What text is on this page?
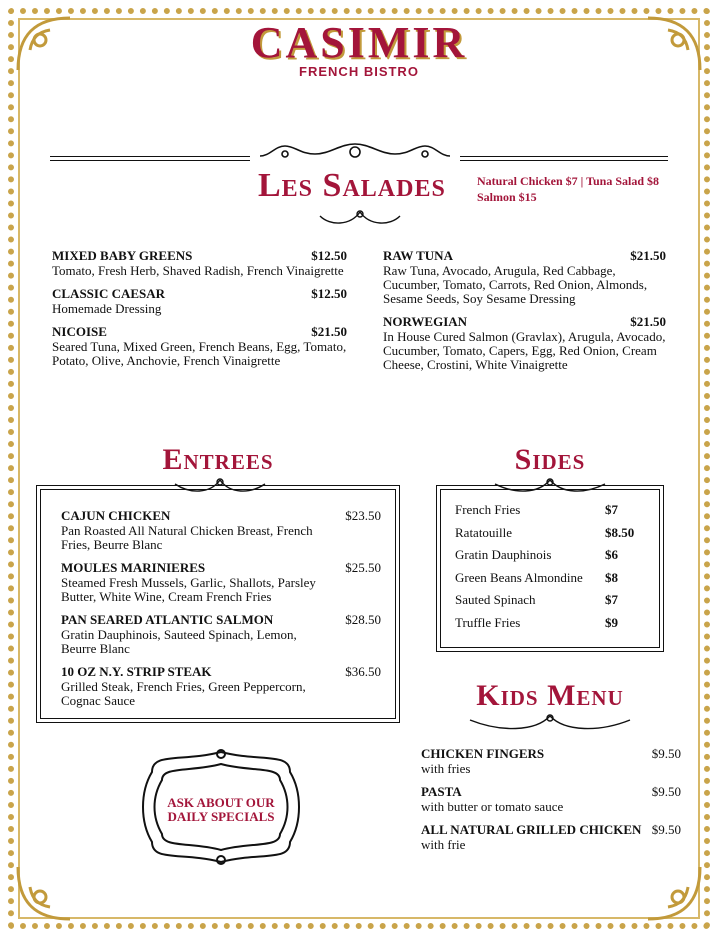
CASIMIR
FRENCH BISTRO
Les Salades	Natural Chicken $7 | Tuna Salad $8
Salmon $15
MIXED BABY GREENS	$12.50
Tomato, Fresh Herb, Shaved Radish, French Vinaigrette
CLASSIC CAESAR	$12.50
Homemade Dressing
NICOISE	$21.50
Seared Tuna, Mixed Green, French Beans, Egg, Tomato, Potato, Olive, Anchovie, French Vinaigrette
RAW TUNA	$21.50
Raw Tuna, Avocado, Arugula, Red Cabbage, Cucumber, Tomato, Carrots, Red Onion, Almonds, Sesame Seeds, Soy Sesame Dressing
NORWEGIAN	$21.50
In House Cured Salmon (Gravlax), Arugula, Avocado, Cucumber, Tomato, Capers, Egg, Red Onion, Cream Cheese, Crostini, White Vinaigrette
Entrees
CAJUN CHICKEN	$23.50
Pan Roasted All Natural Chicken Breast, French Fries, Beurre Blanc
MOULES MARINIERES	$25.50
Steamed Fresh Mussels, Garlic, Shallots, Parsley Butter, White Wine, Cream French Fries
PAN SEARED ATLANTIC SALMON	$28.50
Gratin Dauphinois, Sauteed Spinach, Lemon, Beurre Blanc
10 OZ N.Y. STRIP STEAK	$36.50
Grilled Steak, French Fries, Green Peppercorn, Cognac Sauce
ASK ABOUT OUR
DAILY SPECIALS
Sides
French Fries	$7
Ratatouille	$8.50
Gratin Dauphinois	$6
Green Beans Almondine $8
Sauted Spinach	$7
Truffle Fries	$9
Kids Menu
CHICKEN FINGERS	$9.50
with fries
PASTA	$9.50
with butter or tomato sauce
ALL NATURAL GRILLED CHICKEN $9.50
with frie
